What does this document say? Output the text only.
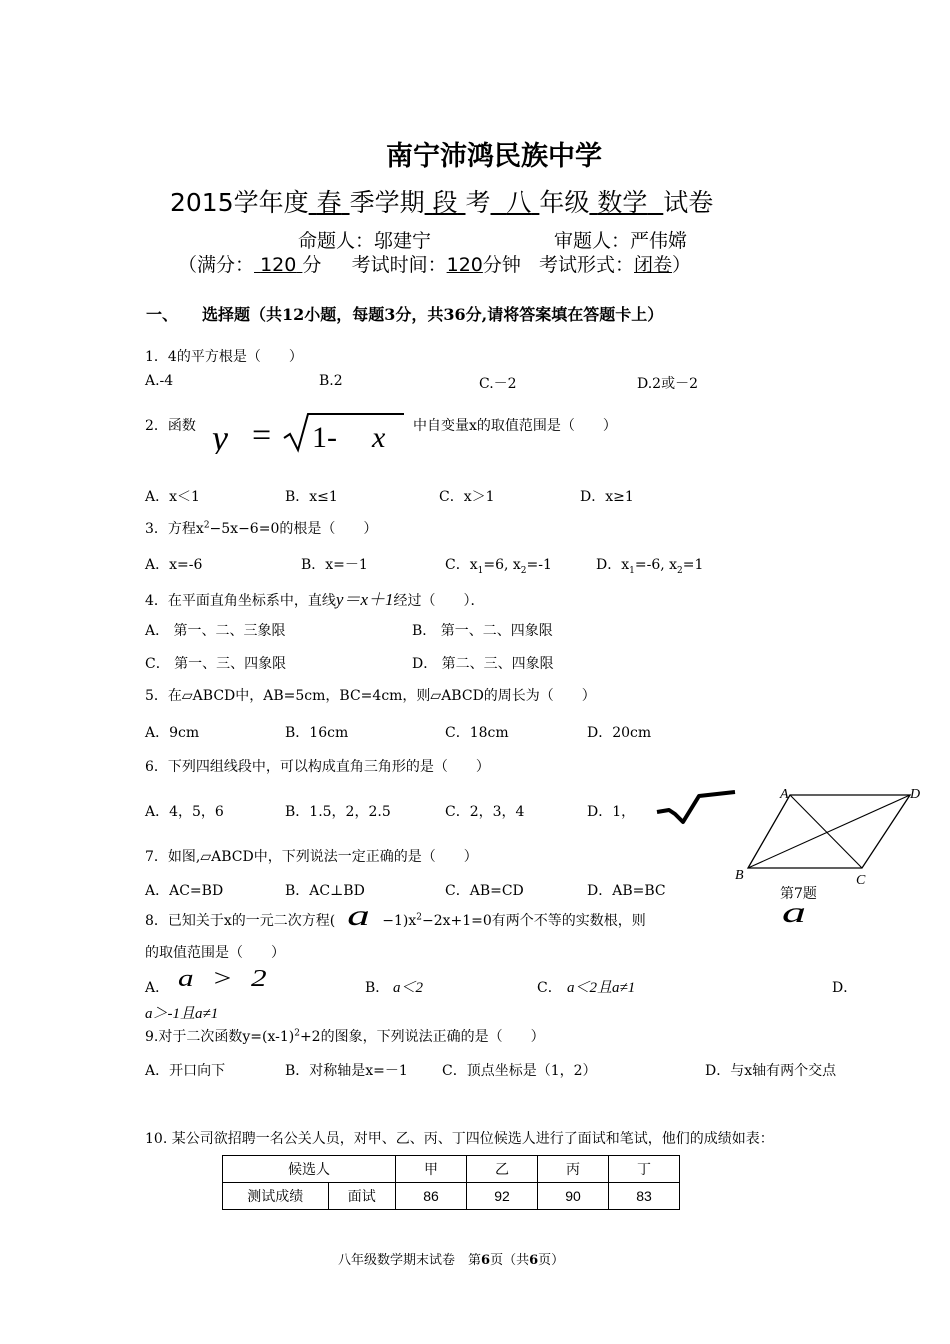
南宁沛鸿民族中学
2015学年度 春 季学期 段 考 八 年级 数学 试卷
命题人：邬建宁	审题人：严伟嫦
（满分： 120 分 考试时间：120分钟 考试形式：闭卷）
一、 选择题（共12小题，每题3分，共36分,请将答案填在答题卡上）
1．4的平方根是（　　）
A.-4	B.2	C.－2	D.2或－2
2．函数 y = 1- x 中自变量x的取值范围是（　　）
A．x＜1	B．x≤1	C．x＞1	D．x≥1
3．方程$x^2-5x-6=0$的根是（　　）
A．x=-6	B．x=－1	C．$x_1=6$, $x_2=-1$	D．$x_1=-6$, $x_2=1$
4．在平面直角坐标系中，直线y＝x＋1经过（　　）．
A． 第一、二、三象限	B． 第一、二、四象限
C． 第一、三、四象限	D． 第二、三、四象限
5．在▱ABCD中，AB=5cm，BC=4cm，则▱ABCD的周长为（　　）
A．9cm	B．16cm	C．18cm	D．20cm
6．下列四组线段中，可以构成直角三角形的是（　　）
A．4，5，6	B．1.5，2，2.5	C．2，3，4	D．1，
A	D
B	C
第7题
7．如图,▱ABCD中，下列说法一定正确的是（　　）
A．AC=BD	B．AC⊥BD	C．AB=CD	D．AB=BC
8．已知关于x的一元二次方程( $a -1)x^2-2x+1=0$有两个不等的实数根，则	a
的取值范围是（　　）
A． a > 2	B． a＜2	C． a＜2且a≠1	D．
a＞-1且a≠1
9.对于二次函数$y=(x-1)^2+2$的图象，下列说法正确的是（　　）
A．开口向下	B．对称轴是x=－1 C．顶点坐标是（1，2）	D．与x轴有两个交点
10. 某公司欲招聘一名公关人员，对甲、乙、丙、丁四位候选人进行了面试和笔试，他们的成绩如表：
候选人		甲	乙	丙	丁
测试成绩	面试	86	92	90	83
八年级数学期末试卷　第6页（共6页）
